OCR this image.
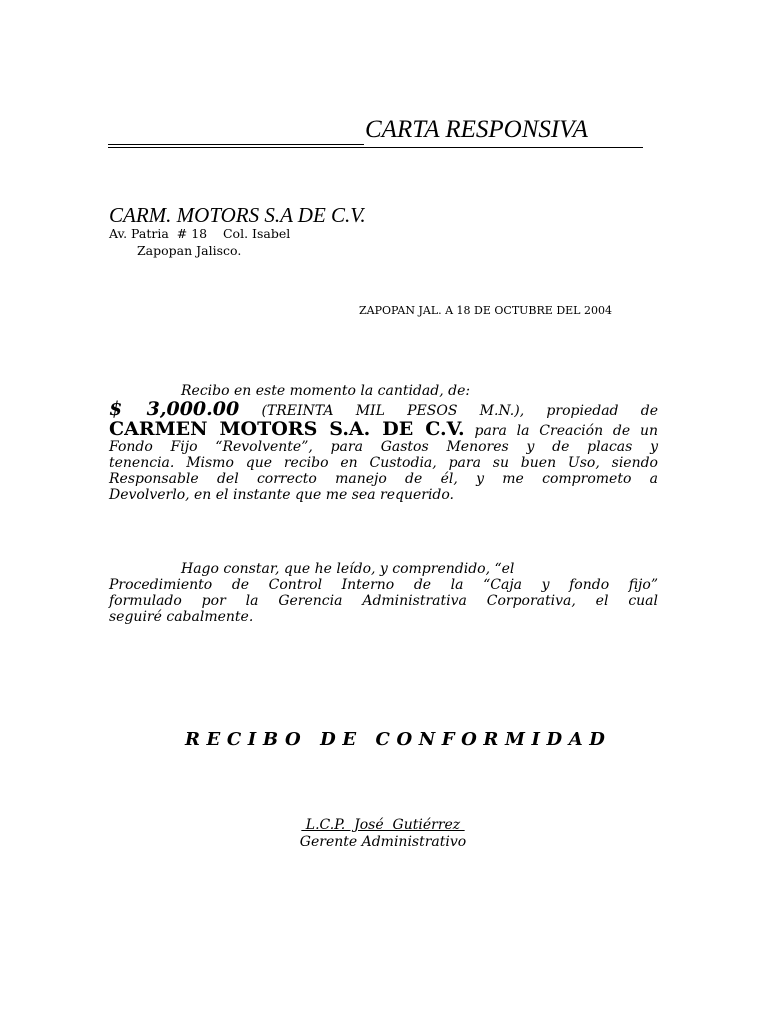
CARTA RESPONSIVA
CARM. MOTORS S.A DE C.V.
Av. Patria  # 18    Col. Isabel
Zapopan Jalisco.
ZAPOPAN JAL. A 18 DE OCTUBRE DEL 2004
Recibo en este momento la cantidad, de:
$ 3,000.00 (TREINTA MIL PESOS M.N.), propiedad de
CARMEN MOTORS S.A. DE C.V. para la Creación de un
Fondo Fijo “Revolvente”, para Gastos Menores y de placas y
tenencia. Mismo que recibo en Custodia, para su buen Uso, siendo
Responsable del correcto manejo de él, y me comprometo a
Devolverlo, en el instante que me sea requerido.
Hago constar, que he leído, y comprendido, “el
Procedimiento de Control Interno de la “Caja y fondo fijo”
formulado por la Gerencia Administrativa Corporativa, el cual
seguiré cabalmente.
RECIBO DE CONFORMIDAD
L.C.P.  José  Gutiérrez
Gerente Administrativo
